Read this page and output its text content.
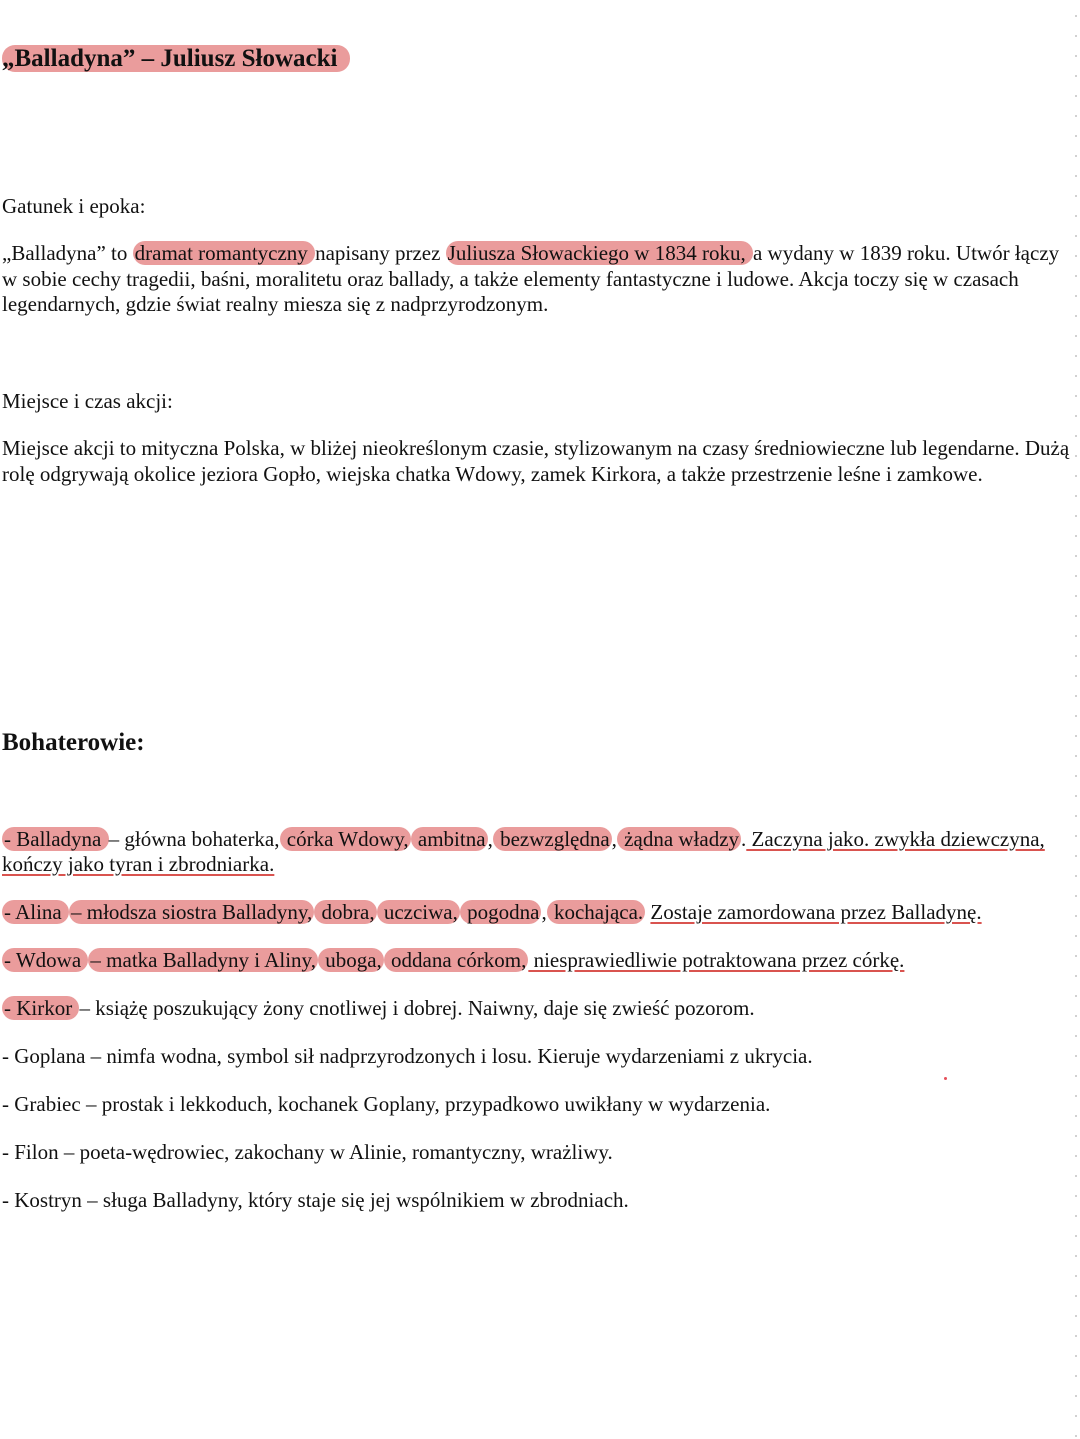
„Balladyna” – Juliusz Słowacki

Gatunek i epoka:

„Balladyna” to dramat romantyczny napisany przez Juliusza Słowackiego w 1834 roku, a wydany w 1839 roku. Utwór łączy w sobie cechy tragedii, baśni, moralitetu oraz ballady, a także elementy fantastyczne i ludowe. Akcja toczy się w czasach legendarnych, gdzie świat realny miesza się z nadprzyrodzonym.

Miejsce i czas akcji:

Miejsce akcji to mityczna Polska, w bliżej nieokreślonym czasie, stylizowanym na czasy średniowieczne lub legendarne. Dużą rolę odgrywają okolice jeziora Gopło, wiejska chatka Wdowy, zamek Kirkora, a także przestrzenie leśne i zamkowe.

Bohaterowie:

- Balladyna – główna bohaterka, córka Wdowy, ambitna, bezwzględna, żądna władzy. Zaczyna jako. zwykła dziewczyna, kończy jako tyran i zbrodniarka.

- Alina – młodsza siostra Balladyny, dobra, uczciwa, pogodna, kochająca. Zostaje zamordowana przez Balladynę.

- Wdowa – matka Balladyny i Aliny, uboga, oddana córkom, niesprawiedliwie potraktowana przez córkę.

- Kirkor – książę poszukujący żony cnotliwej i dobrej. Naiwny, daje się zwieść pozorom.

- Goplana – nimfa wodna, symbol sił nadprzyrodzonych i losu. Kieruje wydarzeniami z ukrycia.

- Grabiec – prostak i lekkoduch, kochanek Goplany, przypadkowo uwikłany w wydarzenia.

- Filon – poeta-wędrowiec, zakochany w Alinie, romantyczny, wrażliwy.

- Kostryn – sługa Balladyny, który staje się jej wspólnikiem w zbrodniach.
